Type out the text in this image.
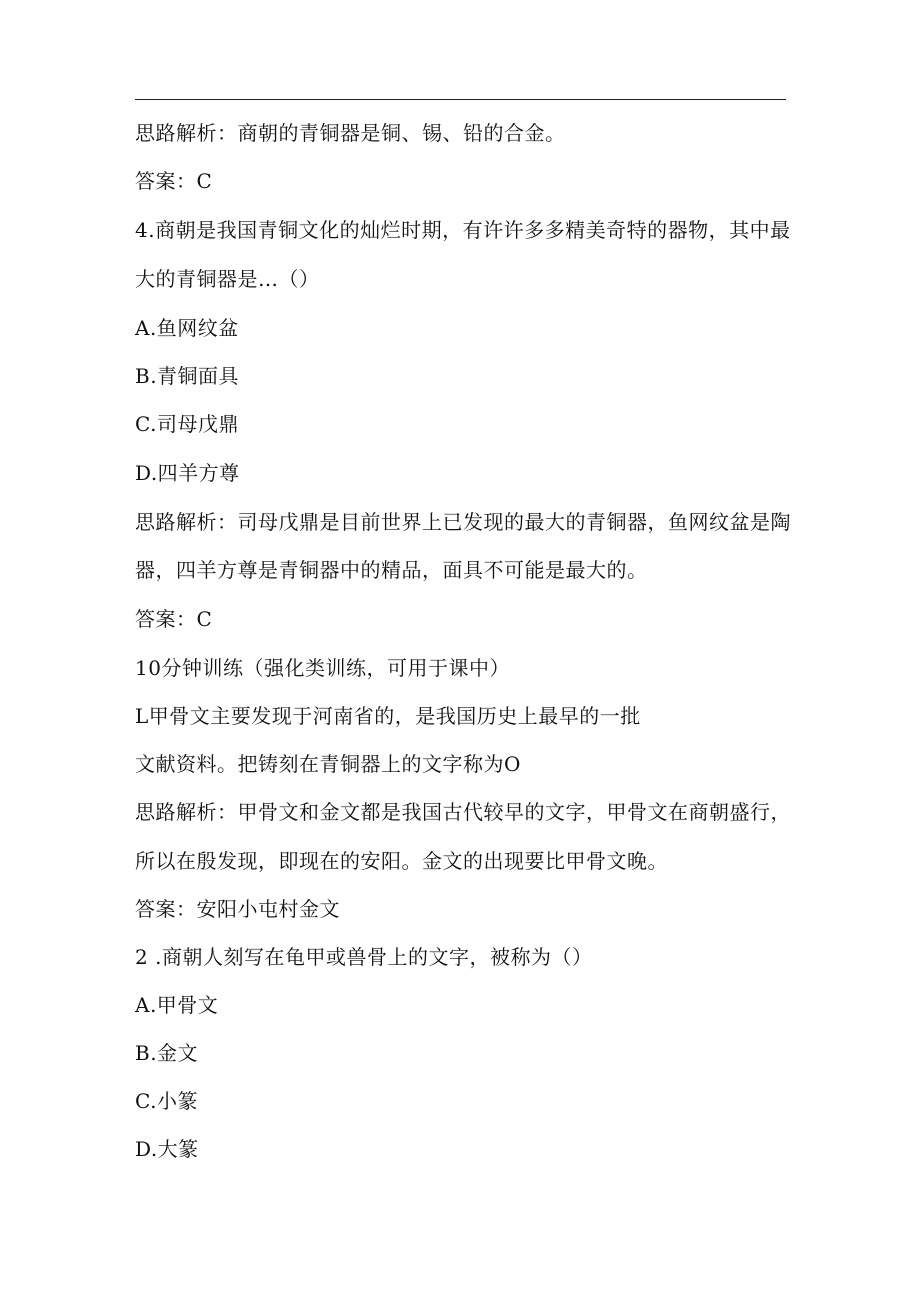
思路解析：商朝的青铜器是铜、锡、铅的合金。
答案：C
4.商朝是我国青铜文化的灿烂时期，有许许多多精美奇特的器物，其中最
大的青铜器是…（）
A.鱼网纹盆
B.青铜面具
C.司母戊鼎
D.四羊方尊
思路解析：司母戊鼎是目前世界上已发现的最大的青铜器，鱼网纹盆是陶
器，四羊方尊是青铜器中的精品，面具不可能是最大的。
答案：C
10分钟训练（强化类训练，可用于课中）
L甲骨文主要发现于河南省的，是我国历史上最早的一批
文献资料。把铸刻在青铜器上的文字称为O
思路解析：甲骨文和金文都是我国古代较早的文字，甲骨文在商朝盛行，
所以在殷发现，即现在的安阳。金文的出现要比甲骨文晚。
答案：安阳小屯村金文
2 .商朝人刻写在龟甲或兽骨上的文字，被称为（）
A.甲骨文
B.金文
C.小篆
D.大篆
